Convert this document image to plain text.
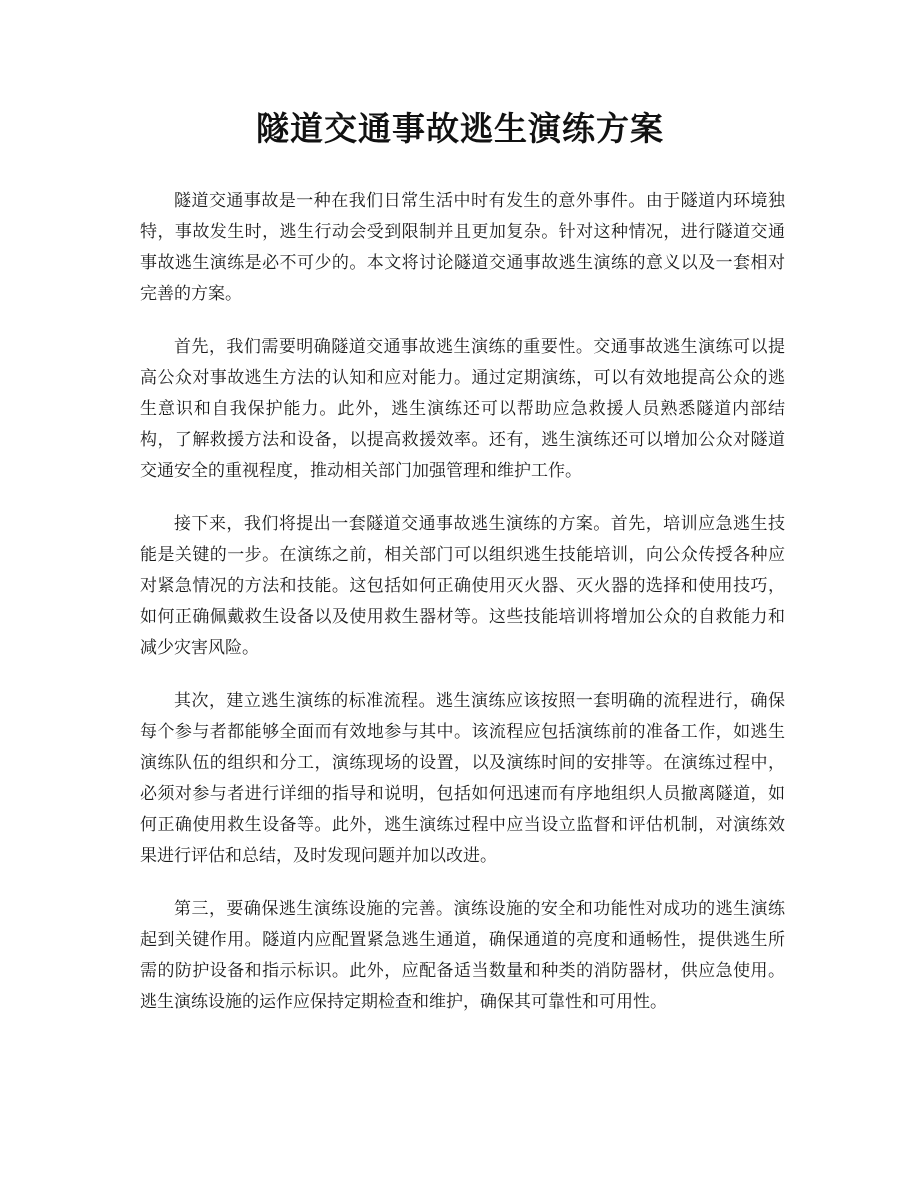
隧道交通事故逃生演练方案

隧道交通事故是一种在我们日常生活中时有发生的意外事件。由于隧道内环境独特，事故发生时，逃生行动会受到限制并且更加复杂。针对这种情况，进行隧道交通事故逃生演练是必不可少的。本文将讨论隧道交通事故逃生演练的意义以及一套相对完善的方案。

首先，我们需要明确隧道交通事故逃生演练的重要性。交通事故逃生演练可以提高公众对事故逃生方法的认知和应对能力。通过定期演练，可以有效地提高公众的逃生意识和自我保护能力。此外，逃生演练还可以帮助应急救援人员熟悉隧道内部结构，了解救援方法和设备，以提高救援效率。还有，逃生演练还可以增加公众对隧道交通安全的重视程度，推动相关部门加强管理和维护工作。

接下来，我们将提出一套隧道交通事故逃生演练的方案。首先，培训应急逃生技能是关键的一步。在演练之前，相关部门可以组织逃生技能培训，向公众传授各种应对紧急情况的方法和技能。这包括如何正确使用灭火器、灭火器的选择和使用技巧，如何正确佩戴救生设备以及使用救生器材等。这些技能培训将增加公众的自救能力和减少灾害风险。

其次，建立逃生演练的标准流程。逃生演练应该按照一套明确的流程进行，确保每个参与者都能够全面而有效地参与其中。该流程应包括演练前的准备工作，如逃生演练队伍的组织和分工，演练现场的设置，以及演练时间的安排等。在演练过程中，必须对参与者进行详细的指导和说明，包括如何迅速而有序地组织人员撤离隧道，如何正确使用救生设备等。此外，逃生演练过程中应当设立监督和评估机制，对演练效果进行评估和总结，及时发现问题并加以改进。

第三，要确保逃生演练设施的完善。演练设施的安全和功能性对成功的逃生演练起到关键作用。隧道内应配置紧急逃生通道，确保通道的亮度和通畅性，提供逃生所需的防护设备和指示标识。此外，应配备适当数量和种类的消防器材，供应急使用。逃生演练设施的运作应保持定期检查和维护，确保其可靠性和可用性。
